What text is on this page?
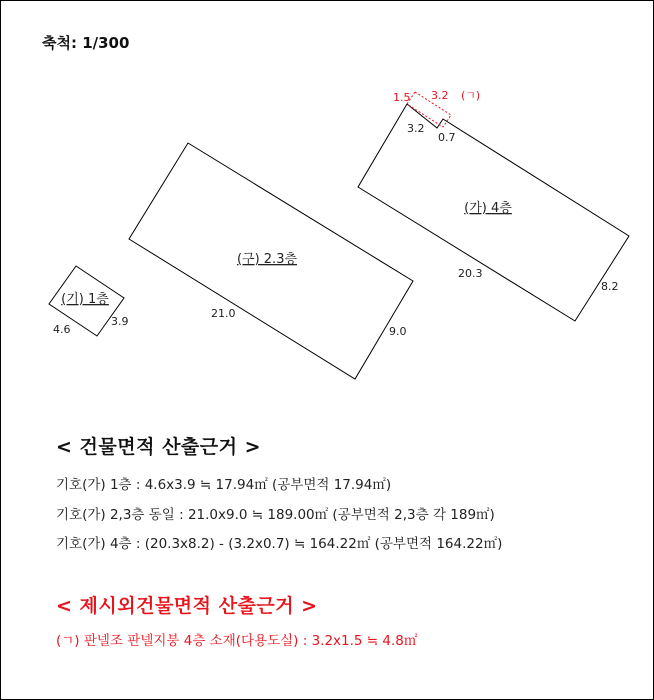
축척: 1/300
(기) 1층
4.6
3.9
(구) 2.3층
21.0
9.0
(가) 4층
20.3
8.2
3.2
0.7
1.5 3.2 (ㄱ)
< 건물면적 산출근거 >
기호(가) 1층 : 4.6x3.9 ≒ 17.94㎡ (공부면적 17.94㎡)
기호(가) 2,3층 동일 : 21.0x9.0 ≒ 189.00㎡ (공부면적 2,3층 각 189㎡)
기호(가) 4층 : (20.3x8.2) - (3.2x0.7) ≒ 164.22㎡ (공부면적 164.22㎡)
< 제시외건물면적 산출근거 >
(ㄱ) 판넬조 판넬지붕 4층 소재(다용도실) : 3.2x1.5 ≒ 4.8㎡
